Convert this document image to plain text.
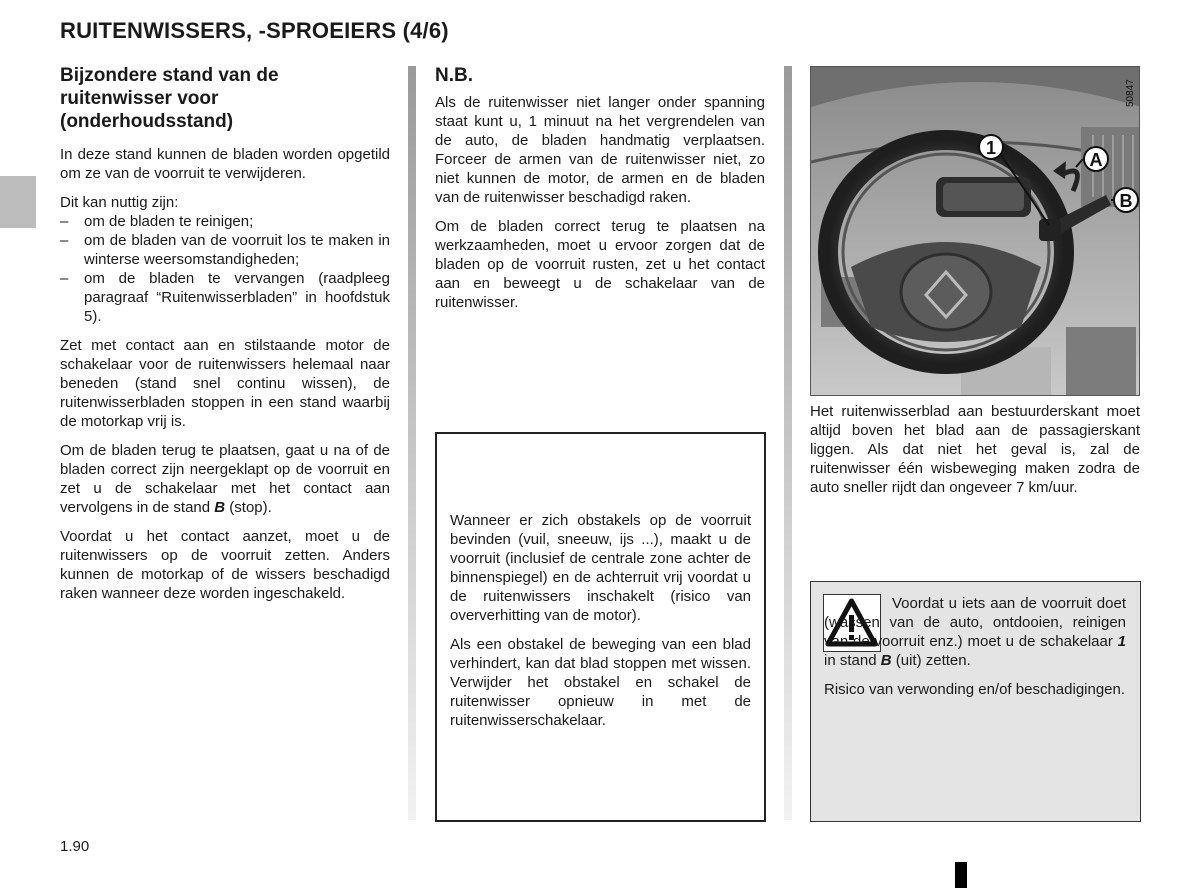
RUITENWISSERS, -SPROEIERS (4/6)
Bijzondere stand van de ruitenwisser voor (onderhoudsstand)

In deze stand kunnen de bladen worden opgetild om ze van de voorruit te verwijderen.

Dit kan nuttig zijn:

– om de bladen te reinigen;
– om de bladen van de voorruit los te maken in winterse weersomstandigheden;
– om de bladen te vervangen (raadpleeg paragraaf “Ruitenwisserbladen” in hoofdstuk 5).

Zet met contact aan en stilstaande motor de schakelaar voor de ruitenwissers helemaal naar beneden (stand snel continu wissen), de ruitenwisserbladen stoppen in een stand waarbij de motorkap vrij is.

Om de bladen terug te plaatsen, gaat u na of de bladen correct zijn neergeklapt op de voorruit en zet u de schakelaar met het contact aan vervolgens in de stand B (stop).

Voordat u het contact aanzet, moet u de ruitenwissers op de voorruit zetten. Anders kunnen de motorkap of de wissers beschadigd raken wanneer deze worden ingeschakeld.

N.B.

Als de ruitenwisser niet langer onder spanning staat kunt u, 1 minuut na het vergrendelen van de auto, de bladen handmatig verplaatsen. Forceer de armen van de ruitenwisser niet, zo niet kunnen de motor, de armen en de bladen van de ruitenwisser beschadigd raken.

Om de bladen correct terug te plaatsen na werkzaamheden, moet u ervoor zorgen dat de bladen op de voorruit rusten, zet u het contact aan en beweegt u de schakelaar van de ruitenwisser.

Wanneer er zich obstakels op de voorruit bevinden (vuil, sneeuw, ijs ...), maakt u de voorruit (inclusief de centrale zone achter de binnenspiegel) en de achterruit vrij voordat u de ruitenwissers inschakelt (risico van oververhitting van de motor).

Als een obstakel de beweging van een blad verhindert, kan dat blad stoppen met wissen. Verwijder het obstakel en schakel de ruitenwisser opnieuw in met de ruitenwisserschakelaar.

1
A
B
50847

Het ruitenwisserblad aan bestuurderskant moet altijd boven het blad aan de passagierskant liggen. Als dat niet het geval is, zal de ruitenwisser één wisbeweging maken zodra de auto sneller rijdt dan ongeveer 7 km/uur.

Voordat u iets aan de voorruit doet (wassen van de auto, ontdooien, reinigen van de voorruit enz.) moet u de schakelaar 1 in stand B (uit) zetten.

Risico van verwonding en/of beschadigingen.

1.90
